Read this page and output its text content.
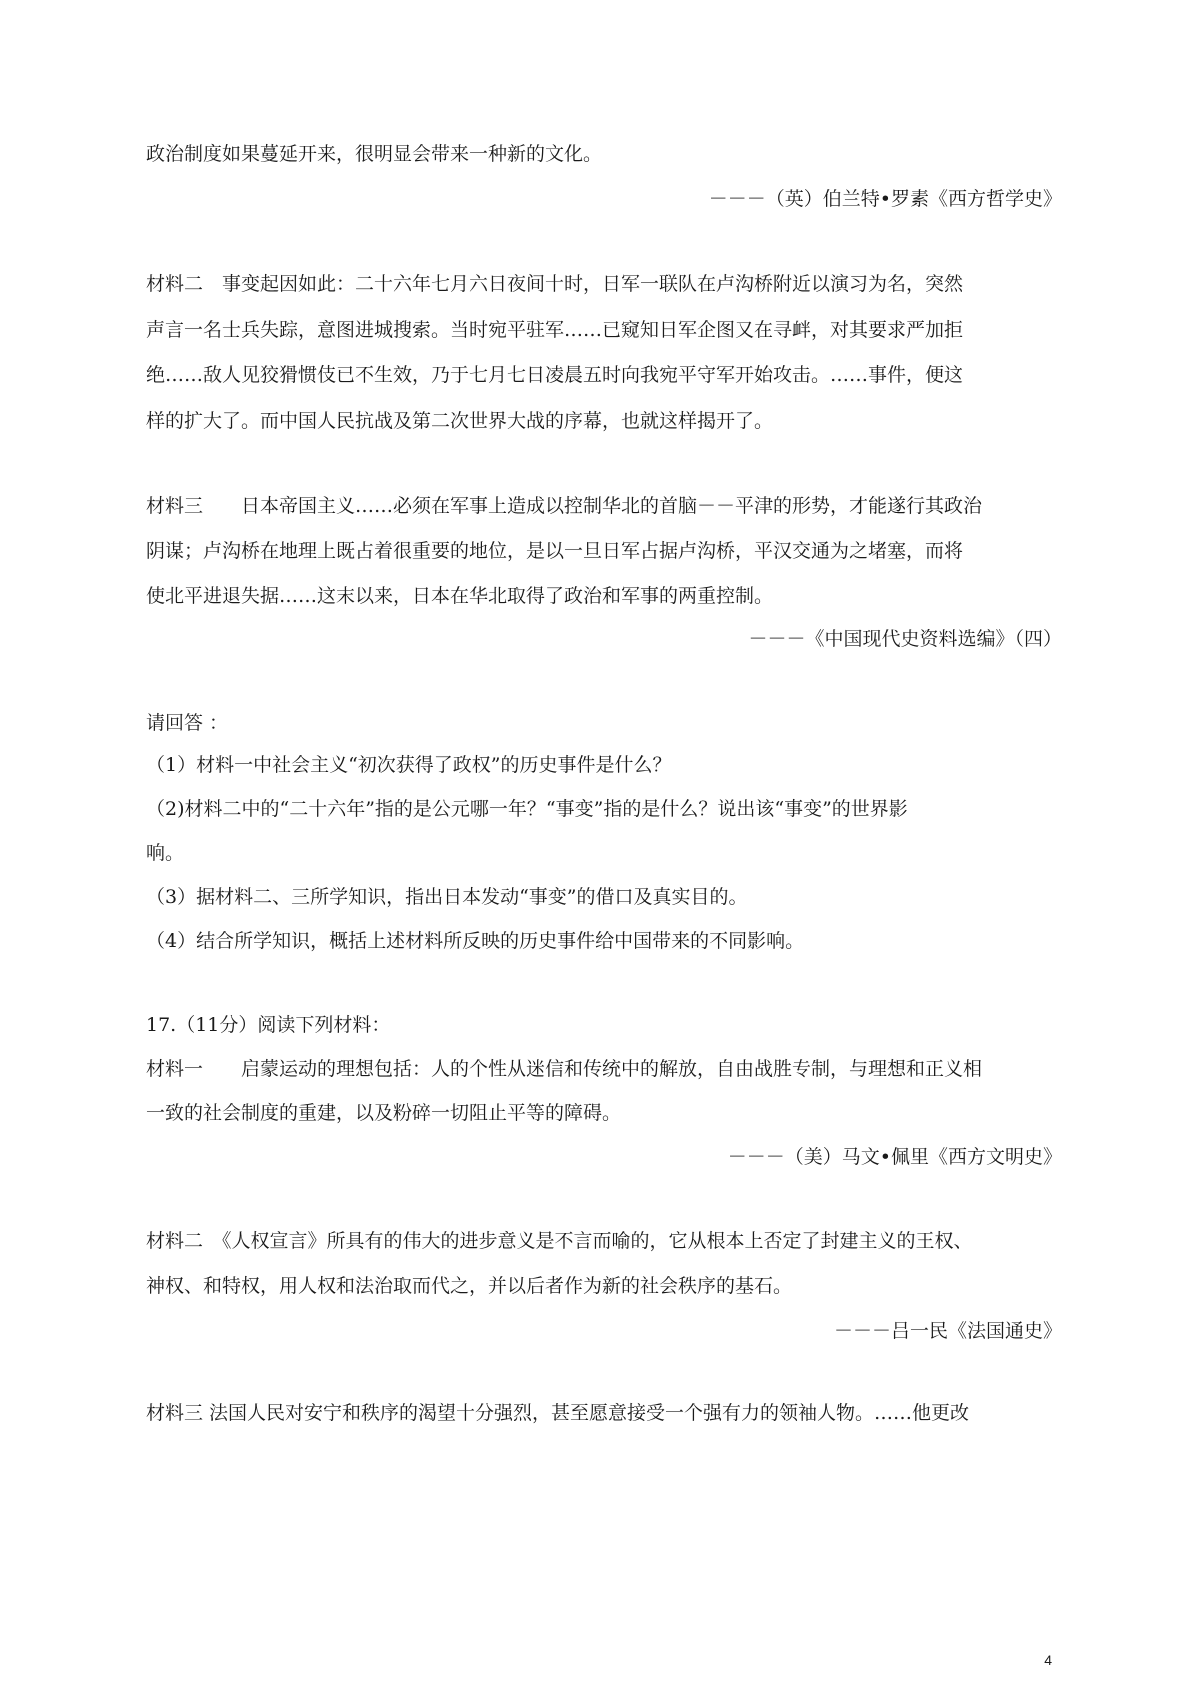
政治制度如果蔓延开来，很明显会带来一种新的文化。
－－－（英）伯兰特•罗素《西方哲学史》
材料二　事变起因如此：二十六年七月六日夜间十时，日军一联队在卢沟桥附近以演习为名，突然
声言一名士兵失踪，意图进城搜索。当时宛平驻军……已窥知日军企图又在寻衅，对其要求严加拒
绝……敌人见狡猾惯伎已不生效，乃于七月七日凌晨五时向我宛平守军开始攻击。……事件，便这
样的扩大了。而中国人民抗战及第二次世界大战的序幕，也就这样揭开了。
材料三　　日本帝国主义……必须在军事上造成以控制华北的首脑－－平津的形势，才能遂行其政治
阴谋；卢沟桥在地理上既占着很重要的地位，是以一旦日军占据卢沟桥，平汉交通为之堵塞，而将
使北平进退失据……这末以来，日本在华北取得了政治和军事的两重控制。
－－－《中国现代史资料选编》（四）
请回答 ：
（1）材料一中社会主义“初次获得了政权”的历史事件是什么？
（2)材料二中的“二十六年”指的是公元哪一年？“事变”指的是什么？说出该“事变”的世界影
响。
（3）据材料二、三所学知识，指出日本发动“事变”的借口及真实目的。
（4）结合所学知识，概括上述材料所反映的历史事件给中国带来的不同影响。
17.（11分）阅读下列材料：
材料一　　启蒙运动的理想包括：人的个性从迷信和传统中的解放，自由战胜专制，与理想和正义相
一致的社会制度的重建，以及粉碎一切阻止平等的障碍。
－－－（美）马文•佩里《西方文明史》
材料二　《人权宣言》所具有的伟大的进步意义是不言而喻的，它从根本上否定了封建主义的王权、
神权、和特权，用人权和法治取而代之，并以后者作为新的社会秩序的基石。
－－－吕一民《法国通史》
材料三 法国人民对安宁和秩序的渴望十分强烈，甚至愿意接受一个强有力的领袖人物。……他更改
4
